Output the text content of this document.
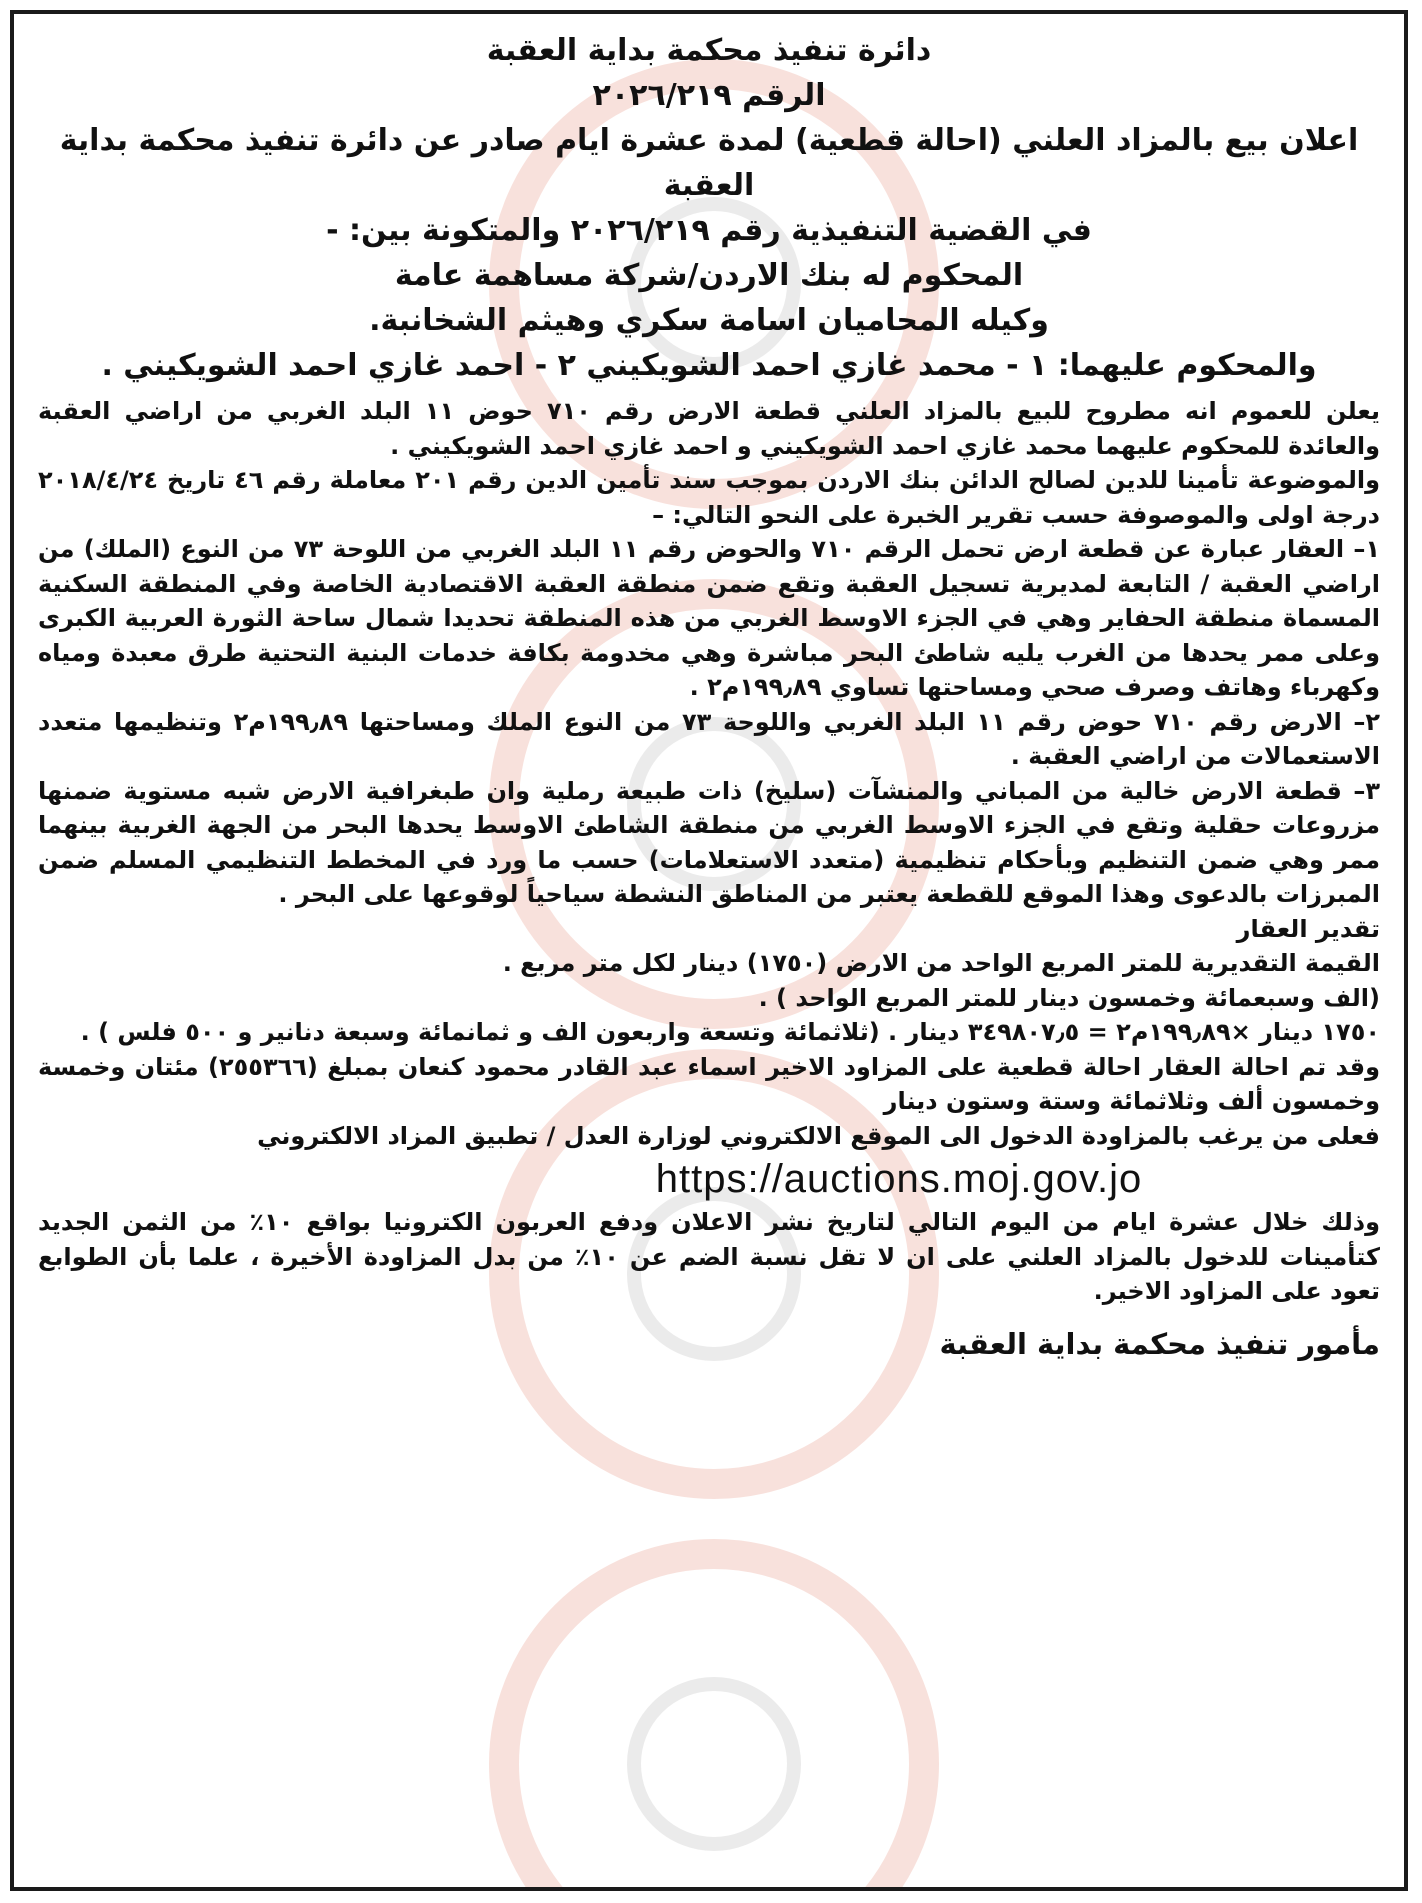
دائرة تنفيذ محكمة بداية العقبة
الرقم ٢٠٢٦/٢١٩
اعلان بيع بالمزاد العلني (احالة قطعية) لمدة عشرة ايام صادر عن دائرة تنفيذ محكمة بداية العقبة
في القضية التنفيذية رقم ٢٠٢٦/٢١٩ والمتكونة بين: -
المحكوم له بنك الاردن/شركة مساهمة عامة
وكيله المحاميان اسامة سكري وهيثم الشخانبة.
والمحكوم عليهما: ١ - محمد غازي احمد الشويكيني ٢ - احمد غازي احمد الشويكيني .

يعلن للعموم انه مطروح للبيع بالمزاد العلني قطعة الارض رقم ٧١٠ حوض ١١ البلد الغربي من اراضي العقبة والعائدة للمحكوم عليهما محمد غازي احمد الشويكيني و احمد غازي احمد الشويكيني .

والموضوعة تأمينا للدين لصالح الدائن بنك الاردن بموجب سند تأمين الدين رقم ٢٠١ معاملة رقم ٤٦ تاريخ ٢٠١٨/٤/٢٤ درجة اولى والموصوفة حسب تقرير الخبرة على النحو التالي: –

١– العقار عبارة عن قطعة ارض تحمل الرقم ٧١٠ والحوض رقم ١١ البلد الغربي من اللوحة ٧٣ من النوع (الملك) من اراضي العقبة / التابعة لمديرية تسجيل العقبة وتقع ضمن منطقة العقبة الاقتصادية الخاصة وفي المنطقة السكنية المسماة منطقة الحفاير وهي في الجزء الاوسط الغربي من هذه المنطقة تحديدا شمال ساحة الثورة العربية الكبرى وعلى ممر يحدها من الغرب يليه شاطئ البحر مباشرة وهي مخدومة بكافة خدمات البنية التحتية طرق معبدة ومياه وكهرباء وهاتف وصرف صحي ومساحتها تساوي ١٩٩٫٨٩م٢ .

٢– الارض رقم ٧١٠ حوض رقم ١١ البلد الغربي واللوحة ٧٣ من النوع الملك ومساحتها ١٩٩٫٨٩م٢ وتنظيمها متعدد الاستعمالات من اراضي العقبة .

٣– قطعة الارض خالية من المباني والمنشآت (سليخ) ذات طبيعة رملية وان طبغرافية الارض شبه مستوية ضمنها مزروعات حقلية وتقع في الجزء الاوسط الغربي من منطقة الشاطئ الاوسط يحدها البحر من الجهة الغربية بينهما ممر وهي ضمن التنظيم وبأحكام تنظيمية (متعدد الاستعلامات) حسب ما ورد في المخطط التنظيمي المسلم ضمن المبرزات بالدعوى وهذا الموقع للقطعة يعتبر من المناطق النشطة سياحياً لوقوعها على البحر .

تقدير العقار

القيمة التقديرية للمتر المربع الواحد من الارض (١٧٥٠) دينار لكل متر مربع .

(الف وسبعمائة وخمسون دينار للمتر المربع الواحد ) .

١٧٥٠ دينار ×١٩٩٫٨٩م٢ = ٣٤٩٨٠٧٫٥ دينار . (ثلاثمائة وتسعة واربعون الف و ثمانمائة وسبعة دنانير و ٥٠٠ فلس ) .

وقد تم احالة العقار احالة قطعية على المزاود الاخير اسماء عبد القادر محمود كنعان بمبلغ (٢٥٥٣٦٦) مئتان وخمسة وخمسون ألف وثلاثمائة وستة وستون دينار

فعلى من يرغب بالمزاودة الدخول الى الموقع الالكتروني لوزارة العدل / تطبيق المزاد الالكتروني

https://auctions.moj.gov.jo

وذلك خلال عشرة ايام من اليوم التالي لتاريخ نشر الاعلان ودفع العربون الكترونيا بواقع ١٠٪ من الثمن الجديد كتأمينات للدخول بالمزاد العلني على ان لا تقل نسبة الضم عن ١٠٪ من بدل المزاودة الأخيرة ، علما بأن الطوابع تعود على المزاود الاخير.

مأمور تنفيذ محكمة بداية العقبة
